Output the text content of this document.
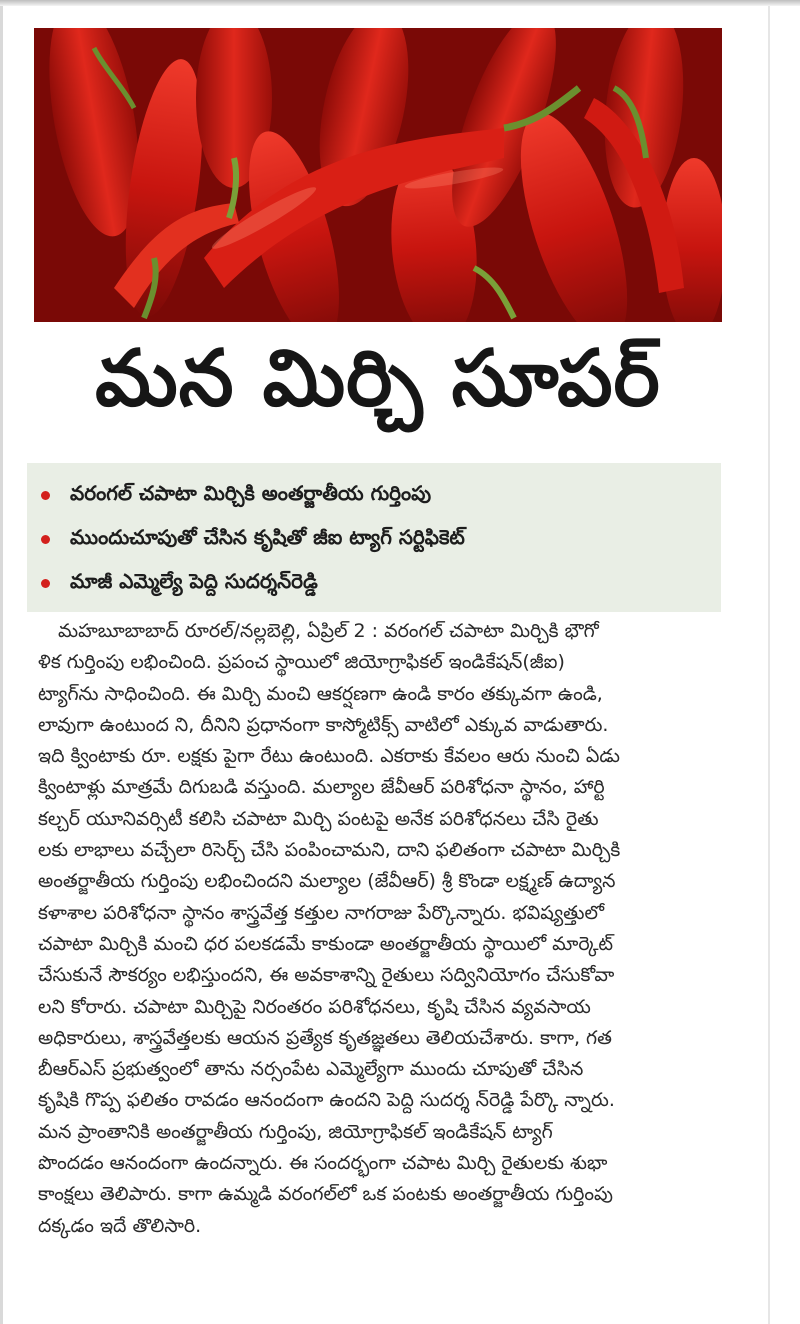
మన మిర్చి సూపర్
వరంగల్ చపాటా మిర్చికి అంతర్జాతీయ గుర్తింపు
ముందుచూపుతో చేసిన కృషితో జీఐ ట్యాగ్ సర్టిఫికెట్
మాజీ ఎమ్మెల్యే పెద్ది సుదర్శన్‌రెడ్డి
మహబూబాబాద్ రూరల్/నల్లబెల్లి, ఏప్రిల్ 2 : వరంగల్ చపాటా మిర్చికి భౌగో
ళిక గుర్తింపు లభించింది. ప్రపంచ స్థాయిలో జియోగ్రాఫికల్ ఇండికేషన్(జీఐ)
ట్యాగ్‌ను సాధించింది. ఈ మిర్చి మంచి ఆకర్షణగా ఉండి కారం తక్కువగా ఉండి,
లావుగా ఉంటుంద ని, దీనిని ప్రధానంగా కాస్మోటిక్స్ వాటిలో ఎక్కువ వాడుతారు.
ఇది క్వింటాకు రూ. లక్షకు పైగా రేటు ఉంటుంది. ఎకరాకు కేవలం ఆరు నుంచి ఏడు
క్వింటాళ్లు మాత్రమే దిగుబడి వస్తుంది. మల్యాల జేవీఆర్ పరిశోధనా స్థానం, హార్టి
కల్చర్ యూనివర్సిటీ కలిసి చపాటా మిర్చి పంటపై అనేక పరిశోధనలు చేసి రైతు
లకు లాభాలు వచ్చేలా రిసెర్చ్ చేసి పంపించామని, దాని ఫలితంగా చపాటా మిర్చికి
అంతర్జాతీయ గుర్తింపు లభించిందని మల్యాల (జేవీఆర్) శ్రీ కొండా లక్ష్మణ్ ఉద్యాన
కళాశాల పరిశోధనా స్థానం శాస్త్రవేత్త కత్తుల నాగరాజు పేర్కొన్నారు. భవిష్యత్తులో
చపాటా మిర్చికి మంచి ధర పలకడమే కాకుండా అంతర్జాతీయ స్థాయిలో మార్కెట్
చేసుకునే సౌకర్యం లభిస్తుందని, ఈ అవకాశాన్ని రైతులు సద్వినియోగం చేసుకోవా
లని కోరారు. చపాటా మిర్చిపై నిరంతరం పరిశోధనలు, కృషి చేసిన వ్యవసాయ
అధికారులు, శాస్త్రవేత్తలకు ఆయన ప్రత్యేక కృతజ్ఞతలు తెలియచేశారు. కాగా, గత
బీఆర్ఎస్ ప్రభుత్వంలో తాను నర్సంపేట ఎమ్మెల్యేగా ముందు చూపుతో చేసిన
కృషికి గొప్ప ఫలితం రావడం ఆనందంగా ఉందని పెద్ది సుదర్శ న్‌రెడ్డి పేర్కొ న్నారు.
మన ప్రాంతానికి అంతర్జాతీయ గుర్తింపు, జియోగ్రాఫికల్ ఇండికేషన్ ట్యాగ్
పొందడం ఆనందంగా ఉందన్నారు. ఈ సందర్భంగా చపాట మిర్చి రైతులకు శుభా
కాంక్షలు తెలిపారు. కాగా ఉమ్మడి వరంగల్‌లో ఒక పంటకు అంతర్జాతీయ గుర్తింపు
దక్కడం ఇదే తొలిసారి.
